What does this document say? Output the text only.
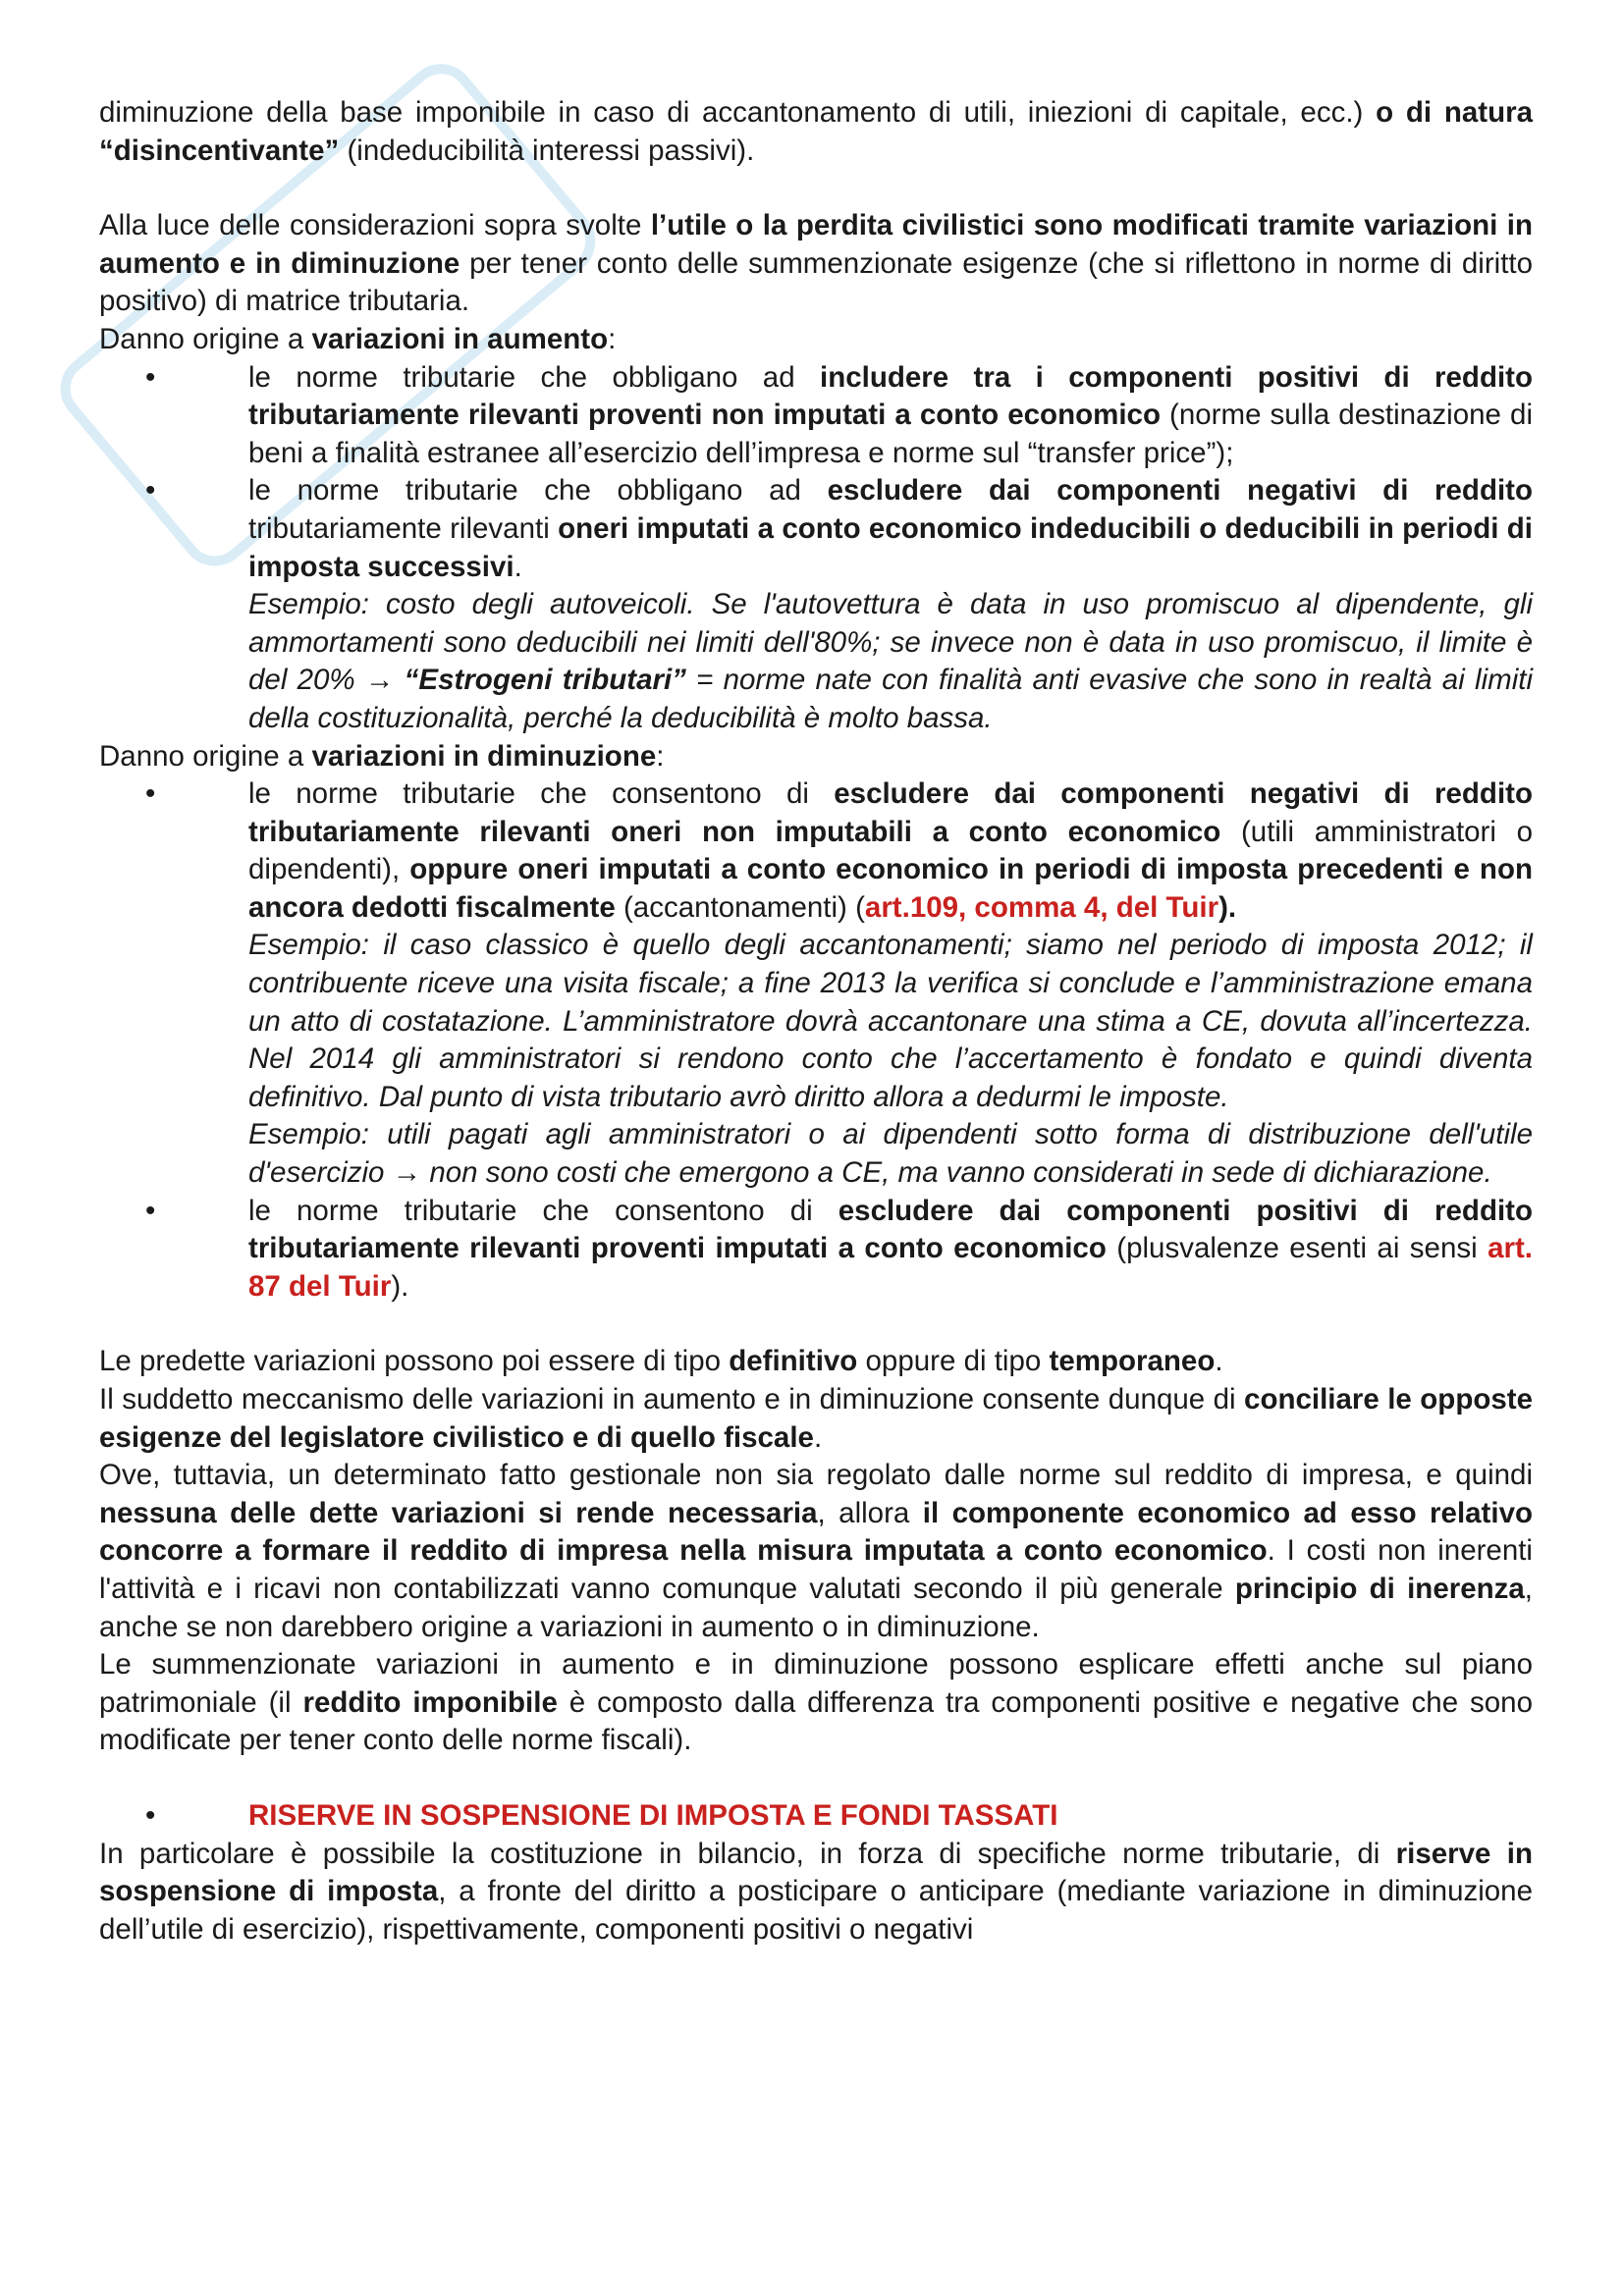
diminuzione della base imponibile in caso di accantonamento di utili, iniezioni di capitale, ecc.) o di natura “disincentivante” (indeducibilità interessi passivi).

Alla luce delle considerazioni sopra svolte l’utile o la perdita civilistici sono modificati tramite variazioni in aumento e in diminuzione per tener conto delle summenzionate esigenze (che si riflettono in norme di diritto positivo) di matrice tributaria.

Danno origine a variazioni in aumento:

•	le norme tributarie che obbligano ad includere tra i componenti positivi di reddito tributariamente rilevanti proventi non imputati a conto economico (norme sulla destinazione di beni a finalità estranee all’esercizio dell’impresa e norme sul “transfer price”);
•	le norme tributarie che obbligano ad escludere dai componenti negativi di reddito tributariamente rilevanti oneri imputati a conto economico indeducibili o deducibili in periodi di imposta successivi.
Esempio: costo degli autoveicoli. Se l'autovettura è data in uso promiscuo al dipendente, gli ammortamenti sono deducibili nei limiti dell'80%; se invece non è data in uso promiscuo, il limite è del 20% → “Estrogeni tributari” = norme nate con finalità anti evasive che sono in realtà ai limiti della costituzionalità, perché la deducibilità è molto bassa.

Danno origine a variazioni in diminuzione:

•	le norme tributarie che consentono di escludere dai componenti negativi di reddito tributariamente rilevanti oneri non imputabili a conto economico (utili amministratori o dipendenti), oppure oneri imputati a conto economico in periodi di imposta precedenti e non ancora dedotti fiscalmente (accantonamenti) (art.109, comma 4, del Tuir).
Esempio: il caso classico è quello degli accantonamenti; siamo nel periodo di imposta 2012; il contribuente riceve una visita fiscale; a fine 2013 la verifica si conclude e l’amministrazione emana un atto di costatazione. L’amministratore dovrà accantonare una stima a CE, dovuta all’incertezza. Nel 2014 gli amministratori si rendono conto che l’accertamento è fondato e quindi diventa definitivo. Dal punto di vista tributario avrò diritto allora a dedurmi le imposte.
Esempio: utili pagati agli amministratori o ai dipendenti sotto forma di distribuzione dell'utile d'esercizio → non sono costi che emergono a CE, ma vanno considerati in sede di dichiarazione.
•	le norme tributarie che consentono di escludere dai componenti positivi di reddito tributariamente rilevanti proventi imputati a conto economico (plusvalenze esenti ai sensi art. 87 del Tuir).

Le predette variazioni possono poi essere di tipo definitivo oppure di tipo temporaneo.

Il suddetto meccanismo delle variazioni in aumento e in diminuzione consente dunque di conciliare le opposte esigenze del legislatore civilistico e di quello fiscale.

Ove, tuttavia, un determinato fatto gestionale non sia regolato dalle norme sul reddito di impresa, e quindi nessuna delle dette variazioni si rende necessaria, allora il componente economico ad esso relativo concorre a formare il reddito di impresa nella misura imputata a conto economico. I costi non inerenti l'attività e i ricavi non contabilizzati vanno comunque valutati secondo il più generale principio di inerenza, anche se non darebbero origine a variazioni in aumento o in diminuzione.

Le summenzionate variazioni in aumento e in diminuzione possono esplicare effetti anche sul piano patrimoniale (il reddito imponibile è composto dalla differenza tra componenti positive e negative che sono modificate per tener conto delle norme fiscali).

•	RISERVE IN SOSPENSIONE DI IMPOSTA E FONDI TASSATI

In particolare è possibile la costituzione in bilancio, in forza di specifiche norme tributarie, di riserve in sospensione di imposta, a fronte del diritto a posticipare o anticipare (mediante variazione in diminuzione dell’utile di esercizio), rispettivamente, componenti positivi o negativi
